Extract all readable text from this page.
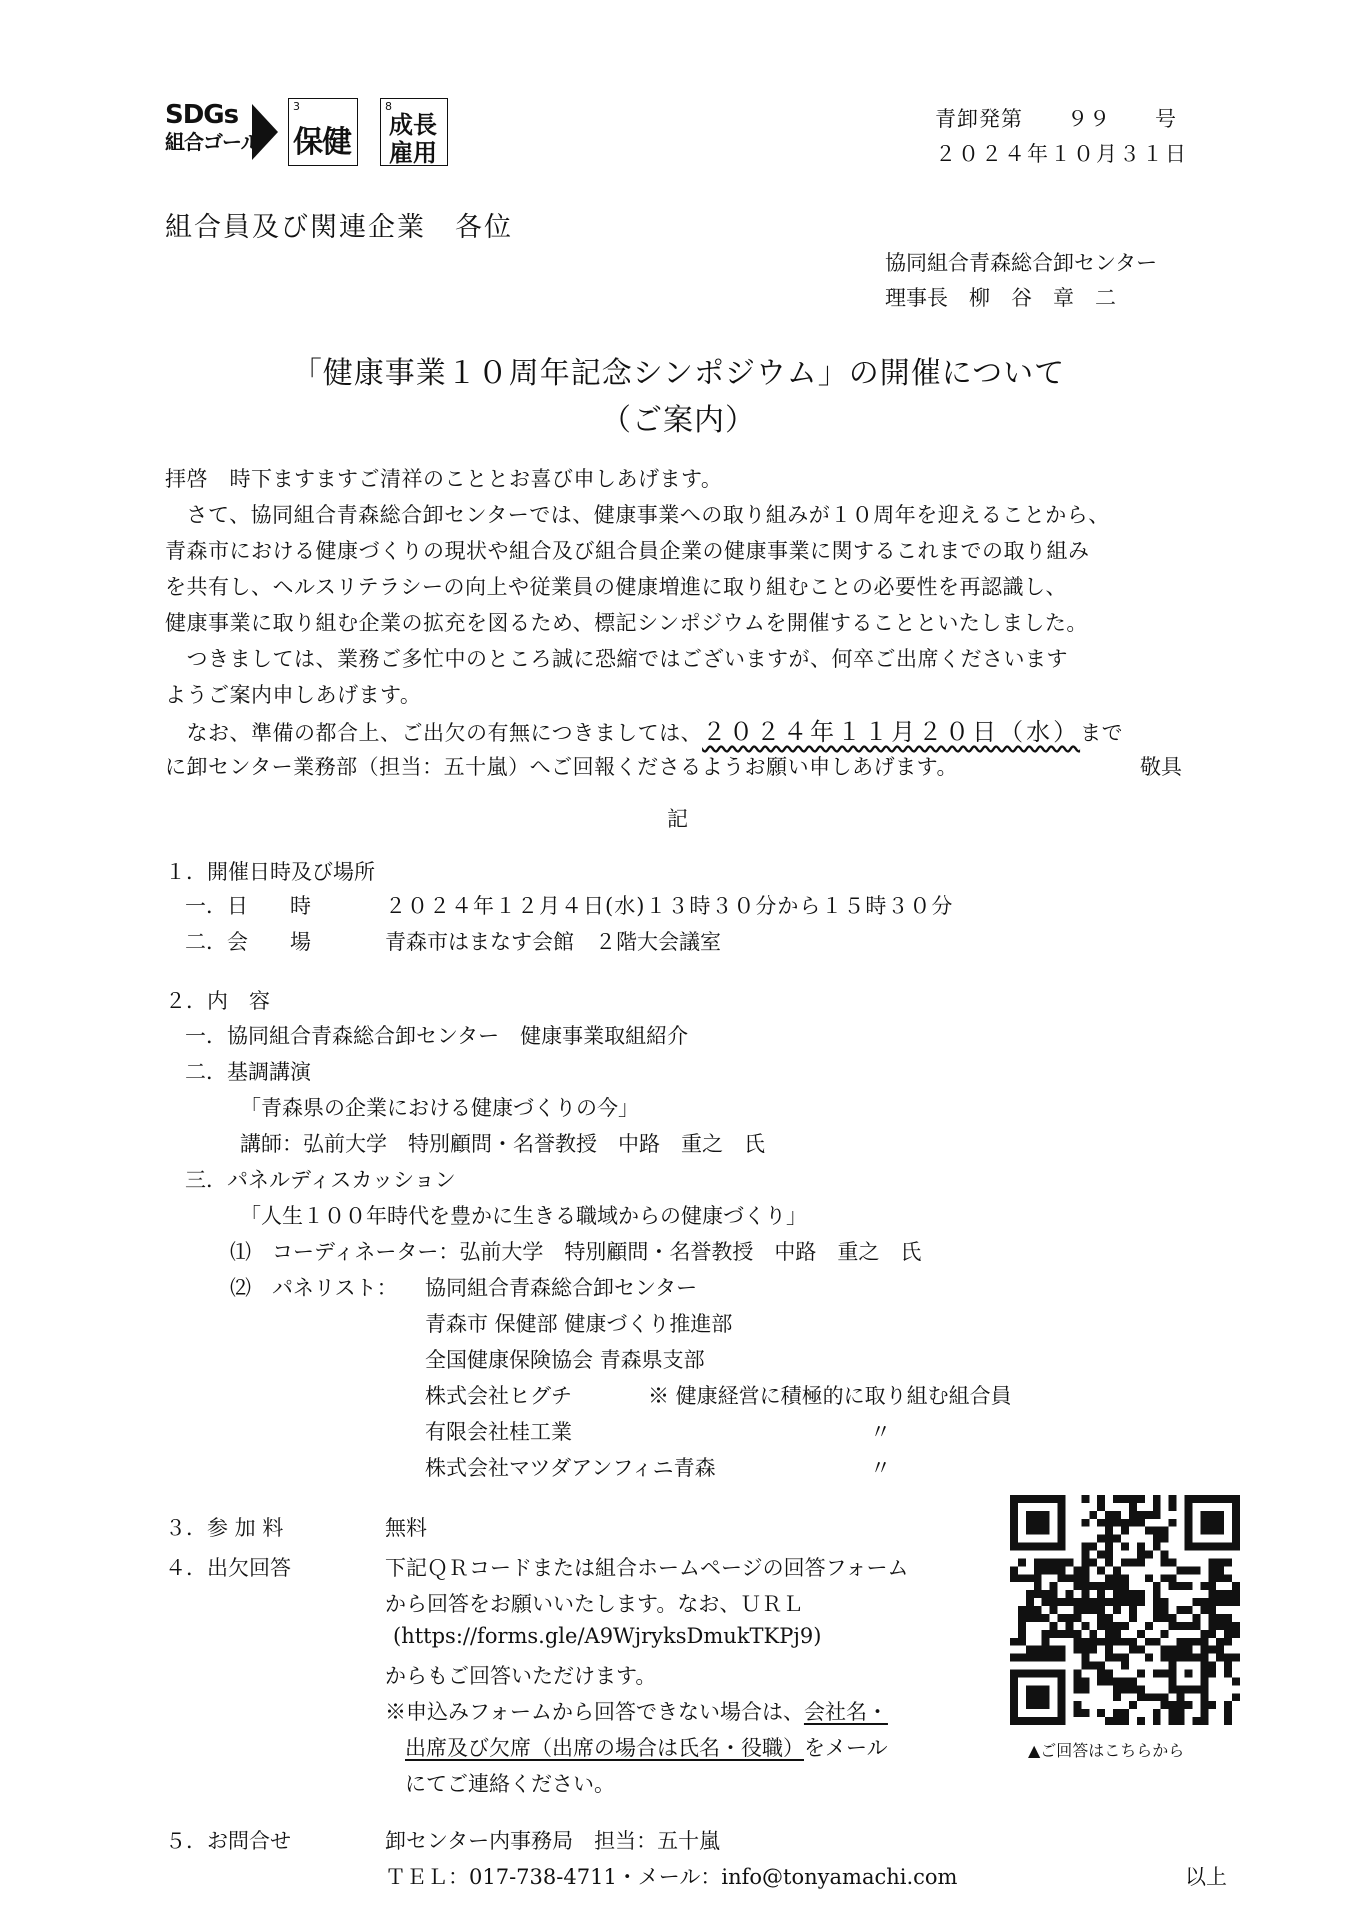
SDGs
組合ゴール
3
保健
8
成長雇用
青卸発第　　９９　　号
２０２４年１０月３１日
組合員及び関連企業　各位
協同組合青森総合卸センター
理事長　柳　谷　章　二
「健康事業１０周年記念シンポジウム」の開催について
（ご案内）
拝啓　時下ますますご清祥のこととお喜び申しあげます。
　さて、協同組合青森総合卸センターでは、健康事業への取り組みが１０周年を迎えることから、
青森市における健康づくりの現状や組合及び組合員企業の健康事業に関するこれまでの取り組み
を共有し、ヘルスリテラシーの向上や従業員の健康増進に取り組むことの必要性を再認識し、
健康事業に取り組む企業の拡充を図るため、標記シンポジウムを開催することといたしました。
　つきましては、業務ご多忙中のところ誠に恐縮ではございますが、何卒ご出席くださいます
ようご案内申しあげます。
　なお、準備の都合上、ご出欠の有無につきましては、２０２４年１１月２０日（水）まで
に卸センター業務部（担当：五十嵐）へご回報くださるようお願い申しあげます。	敬具
記
１．開催日時及び場所
一．日　　時	２０２４年１２月４日(水)１３時３０分から１５時３０分
二．会　　場	青森市はまなす会館　２階大会議室
２．内　容
一．協同組合青森総合卸センター　健康事業取組紹介
二．基調講演
「青森県の企業における健康づくりの今」
講師：弘前大学　特別顧問・名誉教授　中路　重之　氏
三．パネルディスカッション
「人生１００年時代を豊かに生きる職域からの健康づくり」
⑴　コーディネーター：弘前大学　特別顧問・名誉教授　中路　重之　氏
⑵　パネリスト： 協同組合青森総合卸センター
青森市 保健部 健康づくり推進部
全国健康保険協会 青森県支部
株式会社ヒグチ	※ 健康経営に積極的に取り組む組合員
有限会社桂工業	〃
株式会社マツダアンフィニ青森	〃
３．参 加 料	無料
４．出欠回答	下記ＱＲコードまたは組合ホームページの回答フォーム
から回答をお願いいたします。なお、ＵＲＬ
(https://forms.gle/A9WjryksDmukTKPj9)
からもご回答いただけます。
※申込みフォームから回答できない場合は、会社名・
出席及び欠席（出席の場合は氏名・役職）をメール
にてご連絡ください。
▲ご回答はこちらから
５．お問合せ	卸センター内事務局　担当：五十嵐
ＴＥＬ：017-738-4711・メール：info@tonyamachi.com	以上
